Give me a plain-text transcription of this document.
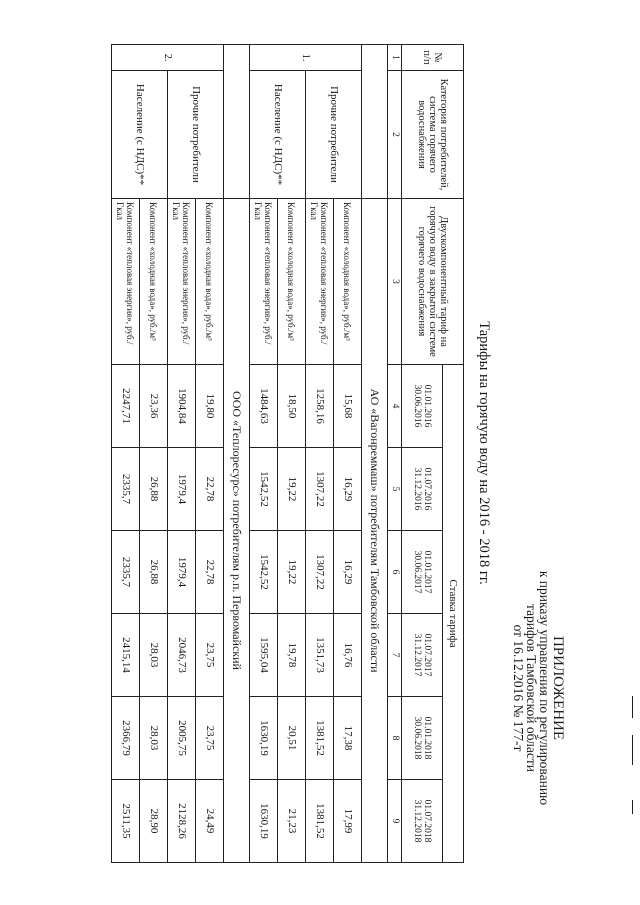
ПРИЛОЖЕНИЕ
к приказу управления по регулированию
тарифов Тамбовской области
от 16.12.2016 № 177-т
Тарифы на горячую воду на 2016 - 2018 гг.
№ п/п	Категория потребителей, система горячего водоснабжения	Двухкомпонентный тариф на горячую воду в закрытой системе горячего водоснабжения	Ставка тарифа					
			01.01.2016 30.06.2016	01.07.2016 31.12.2016	01.01.2017 30.06.2017	01.07.2017 31.12.2017	01.01.2018 30.06.2018	01.07.2018 31.12.2018
1	2	3	4	5	6	7	8	9
		АО «Вагонреммаш» потребителям Тамбовской области						
1.	Прочие потребители	Компонент «холодная вода», руб./м³	15,68	16,29	16,29	16,76	17,38	17,99
		Компонент «тепловая энергия», руб./Гкал	1258,16	1307,22	1307,22	1351,73	1381,52	1381,52
	Население (с НДС)**	Компонент «холодная вода», руб./м³	18,50	19,22	19,22	19,78	20,51	21,23
		Компонент «тепловая энергия», руб./Гкал	1484,63	1542,52	1542,52	1595,04	1630,19	1630,19
		ООО «Теплоресурс» потребителям р.п. Первомайский						
2.	Прочие потребители	Компонент «холодная вода», руб./м³	19,80	22,78	22,78	23,75	23,75	24,49
		Компонент «тепловая энергия», руб./Гкал	1904,84	1979,4	1979,4	2046,73	2005,75	2128,26
	Население (с НДС)**	Компонент «холодная вода», руб./м³	23,36	26,88	26,88	28,03	28,03	28,90
		Компонент «тепловая энергия», руб./Гкал	2247,71	2335,7	2335,7	2415,14	2366,79	2511,35
